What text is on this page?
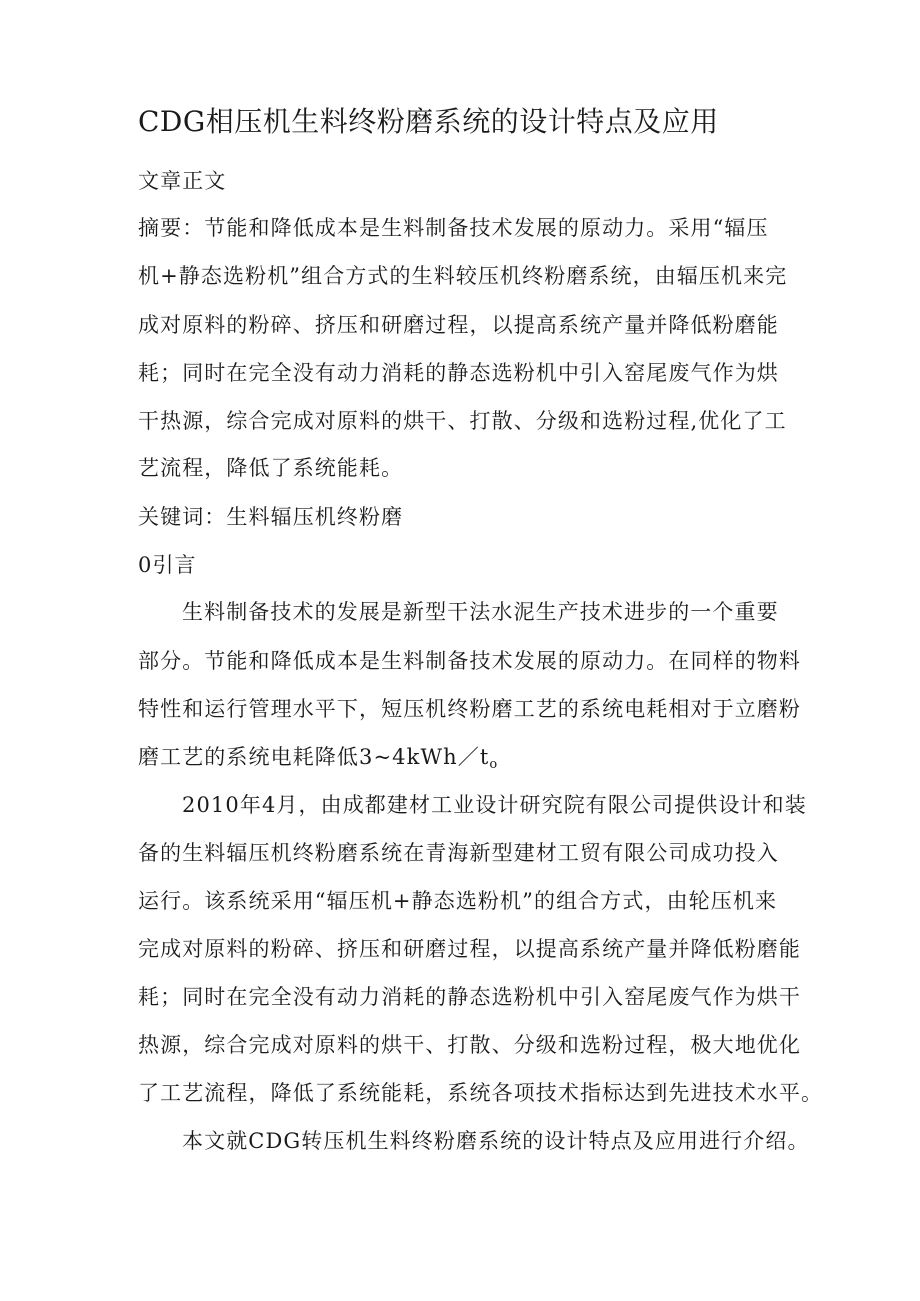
CDG相压机生料终粉磨系统的设计特点及应用
文章正文
摘要：节能和降低成本是生料制备技术发展的原动力。采用“辐压
机+静态选粉机”组合方式的生料较压机终粉磨系统，由辐压机来完
成对原料的粉碎、挤压和研磨过程，以提高系统产量并降低粉磨能
耗；同时在完全没有动力消耗的静态选粉机中引入窑尾废气作为烘
干热源，综合完成对原料的烘干、打散、分级和选粉过程,优化了工
艺流程，降低了系统能耗。
关键词：生料辐压机终粉磨
0引言
生料制备技术的发展是新型干法水泥生产技术进步的一个重要
部分。节能和降低成本是生料制备技术发展的原动力。在同样的物料
特性和运行管理水平下，短压机终粉磨工艺的系统电耗相对于立磨粉
磨工艺的系统电耗降低$3\sim 4kWh/t_o$
2010年4月，由成都建材工业设计研究院有限公司提供设计和装
备的生料辐压机终粉磨系统在青海新型建材工贸有限公司成功投入
运行。该系统采用“辐压机+静态选粉机”的组合方式，由轮压机来
完成对原料的粉碎、挤压和研磨过程，以提高系统产量并降低粉磨能
耗；同时在完全没有动力消耗的静态选粉机中引入窑尾废气作为烘干
热源，综合完成对原料的烘干、打散、分级和选粉过程，极大地优化
了工艺流程，降低了系统能耗，系统各项技术指标达到先进技术水平。
本文就CDG转压机生料终粉磨系统的设计特点及应用进行介绍。
